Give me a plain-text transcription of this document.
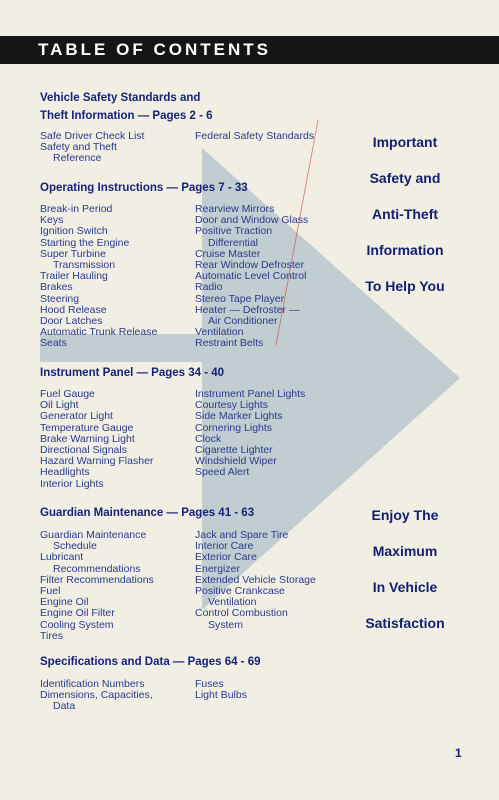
TABLE OF CONTENTS
Vehicle Safety Standards and
Theft Information — Pages 2 - 6
Safe Driver Check List
Safety and Theft
Reference
Federal Safety Standards
Operating Instructions — Pages 7 - 33
Break-in Period
Keys
Ignition Switch
Starting the Engine
Super Turbine
Transmission
Trailer Hauling
Brakes
Steering
Hood Release
Door Latches
Automatic Trunk Release
Seats
Rearview Mirrors
Door and Window Glass
Positive Traction
Differential
Cruise Master
Rear Window Defroster
Automatic Level Control
Radio
Stereo Tape Player
Heater — Defroster —
Air Conditioner
Ventilation
Restraint Belts
Instrument Panel — Pages 34 - 40
Fuel Gauge
Oil Light
Generator Light
Temperature Gauge
Brake Warning Light
Directional Signals
Hazard Warning Flasher
Headlights
Interior Lights
Instrument Panel Lights
Courtesy Lights
Side Marker Lights
Cornering Lights
Clock
Cigarette Lighter
Windshield Wiper
Speed Alert
Guardian Maintenance — Pages 41 - 63
Guardian Maintenance
Schedule
Lubricant
Recommendations
Filter Recommendations
Fuel
Engine Oil
Engine Oil Filter
Cooling System
Tires
Jack and Spare Tire
Interior Care
Exterior Care
Energizer
Extended Vehicle Storage
Positive Crankcase
Ventilation
Control Combustion
System
Specifications and Data — Pages 64 - 69
Identification Numbers
Dimensions, Capacities,
Data
Fuses
Light Bulbs
Important
Safety and
Anti-Theft
Information
To Help You
Enjoy The
Maximum
In Vehicle
Satisfaction
1
